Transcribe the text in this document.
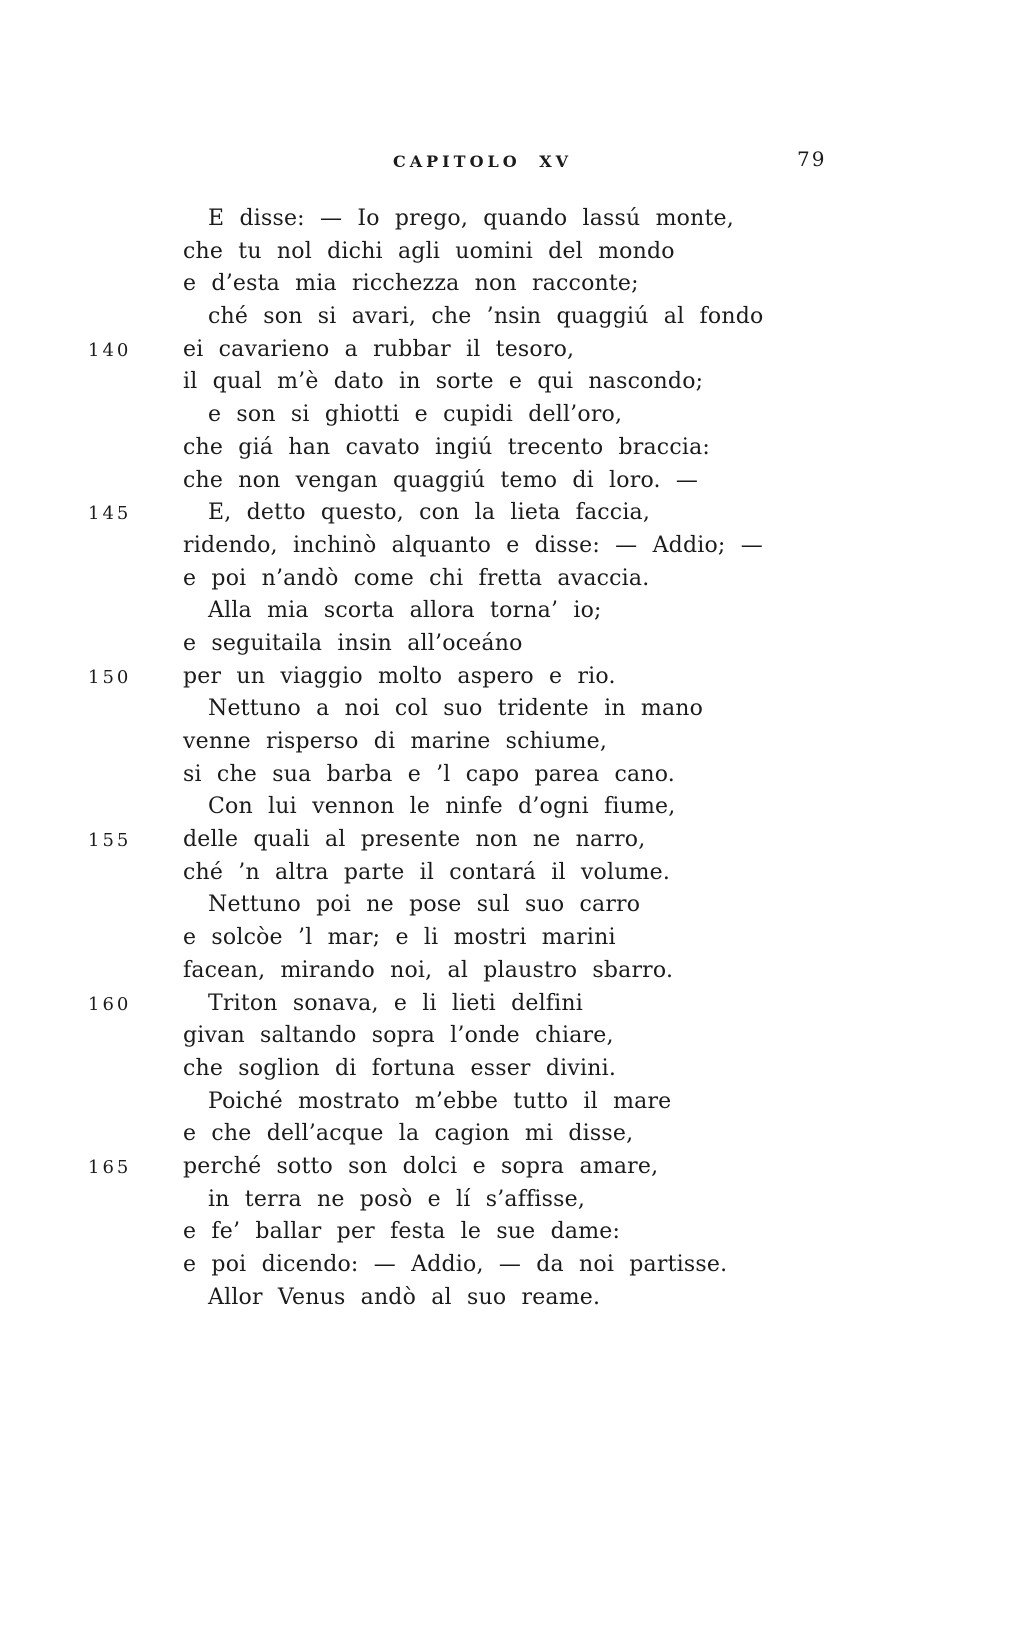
CAPITOLO XV	79
E disse: — Io prego, quando lassú monte,
che tu nol dichi agli uomini del mondo
e d’esta mia ricchezza non racconte;
ché son si avari, che ’nsin quaggiú al fondo
140 ei cavarieno a rubbar il tesoro,
il qual m’è dato in sorte e qui nascondo;
e son si ghiotti e cupidi dell’oro,
che giá han cavato ingiú trecento braccia:
che non vengan quaggiú temo di loro. —
145	E, detto questo, con la lieta faccia,
ridendo, inchinò alquanto e disse: — Addio; —
e poi n’andò come chi fretta avaccia.
Alla mia scorta allora torna’ io;
e seguitaila insin all’oceáno
150 per un viaggio molto aspero e rio.
Nettuno a noi col suo tridente in mano
venne risperso di marine schiume,
si che sua barba e ’l capo parea cano.
Con lui vennon le ninfe d’ogni fiume,
155 delle quali al presente non ne narro,
ché ’n altra parte il contará il volume.
Nettuno poi ne pose sul suo carro
e solcòe ’l mar; e li mostri marini
facean, mirando noi, al plaustro sbarro.
160	Triton sonava, e li lieti delfini
givan saltando sopra l’onde chiare,
che soglion di fortuna esser divini.
Poiché mostrato m’ebbe tutto il mare
e che dell’acque la cagion mi disse,
165 perché sotto son dolci e sopra amare,
in terra ne posò e lí s’affisse,
e fe’ ballar per festa le sue dame:
e poi dicendo: — Addio, — da noi partisse.
Allor Venus andò al suo reame.
